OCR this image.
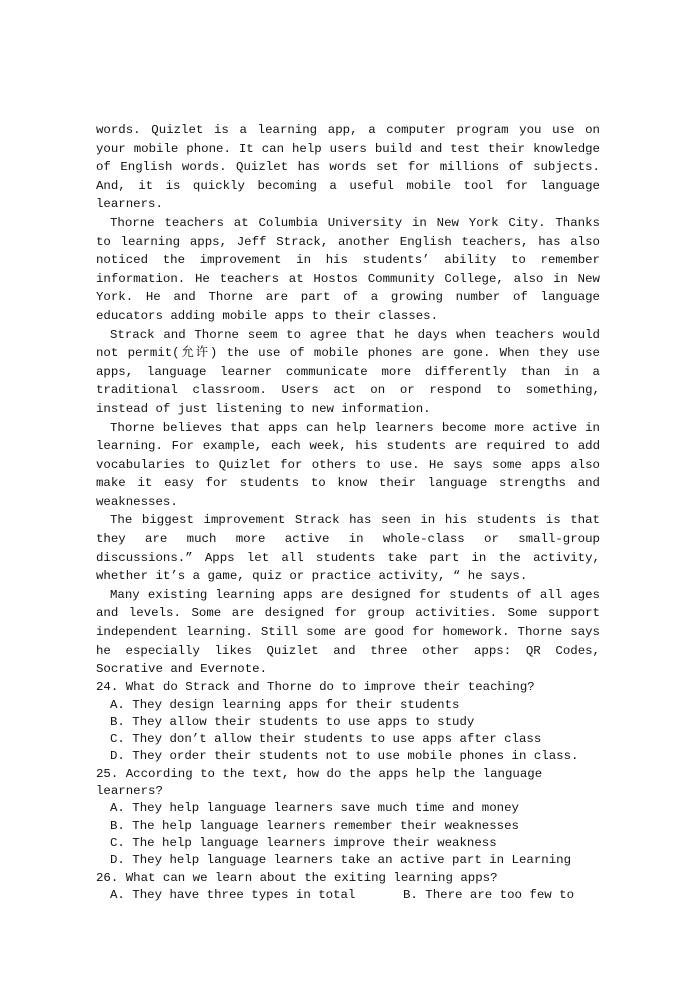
words. Quizlet is a learning app, a computer program you use on your mobile phone. It can help users build and test their knowledge of English words. Quizlet has words set for millions of subjects. And, it is quickly becoming a useful mobile tool for language learners.

Thorne teachers at Columbia University in New York City. Thanks to learning apps, Jeff Strack, another English teachers, has also noticed the improvement in his students’ ability to remember information. He teachers at Hostos Community College, also in New York. He and Thorne are part of a growing number of language educators adding mobile apps to their classes.

Strack and Thorne seem to agree that he days when teachers would not permit(允许) the use of mobile phones are gone. When they use apps, language learner communicate more differently than in a traditional classroom. Users act on or respond to something, instead of just listening to new information.

Thorne believes that apps can help learners become more active in learning. For example, each week, his students are required to add vocabularies to Quizlet for others to use. He says some apps also make it easy for students to know their language strengths and weaknesses.

The biggest improvement Strack has seen in his students is that they are much more active in whole-class or small-group discussions.” Apps let all students take part in the activity, whether it’s a game, quiz or practice activity, “ he says.

Many existing learning apps are designed for students of all ages and levels. Some are designed for group activities. Some support independent learning. Still some are good for homework. Thorne says he especially likes Quizlet and three other apps: QR Codes, Socrative and Evernote.

24. What do Strack and Thorne do to improve their teaching?

A. They design learning apps for their students

B. They allow their students to use apps to study

C. They don’t allow their students to use apps after class

D. They order their students not to use mobile phones in class.

25. According to the text, how do the apps help the language learners?

A. They help language learners save much time and money

B. The help language learners remember their weaknesses

C. The help language learners improve their weakness

D. They help language learners take an active part in Learning

26. What can we learn about the exiting learning apps?

A. They have three types in total	B. There are too few to
